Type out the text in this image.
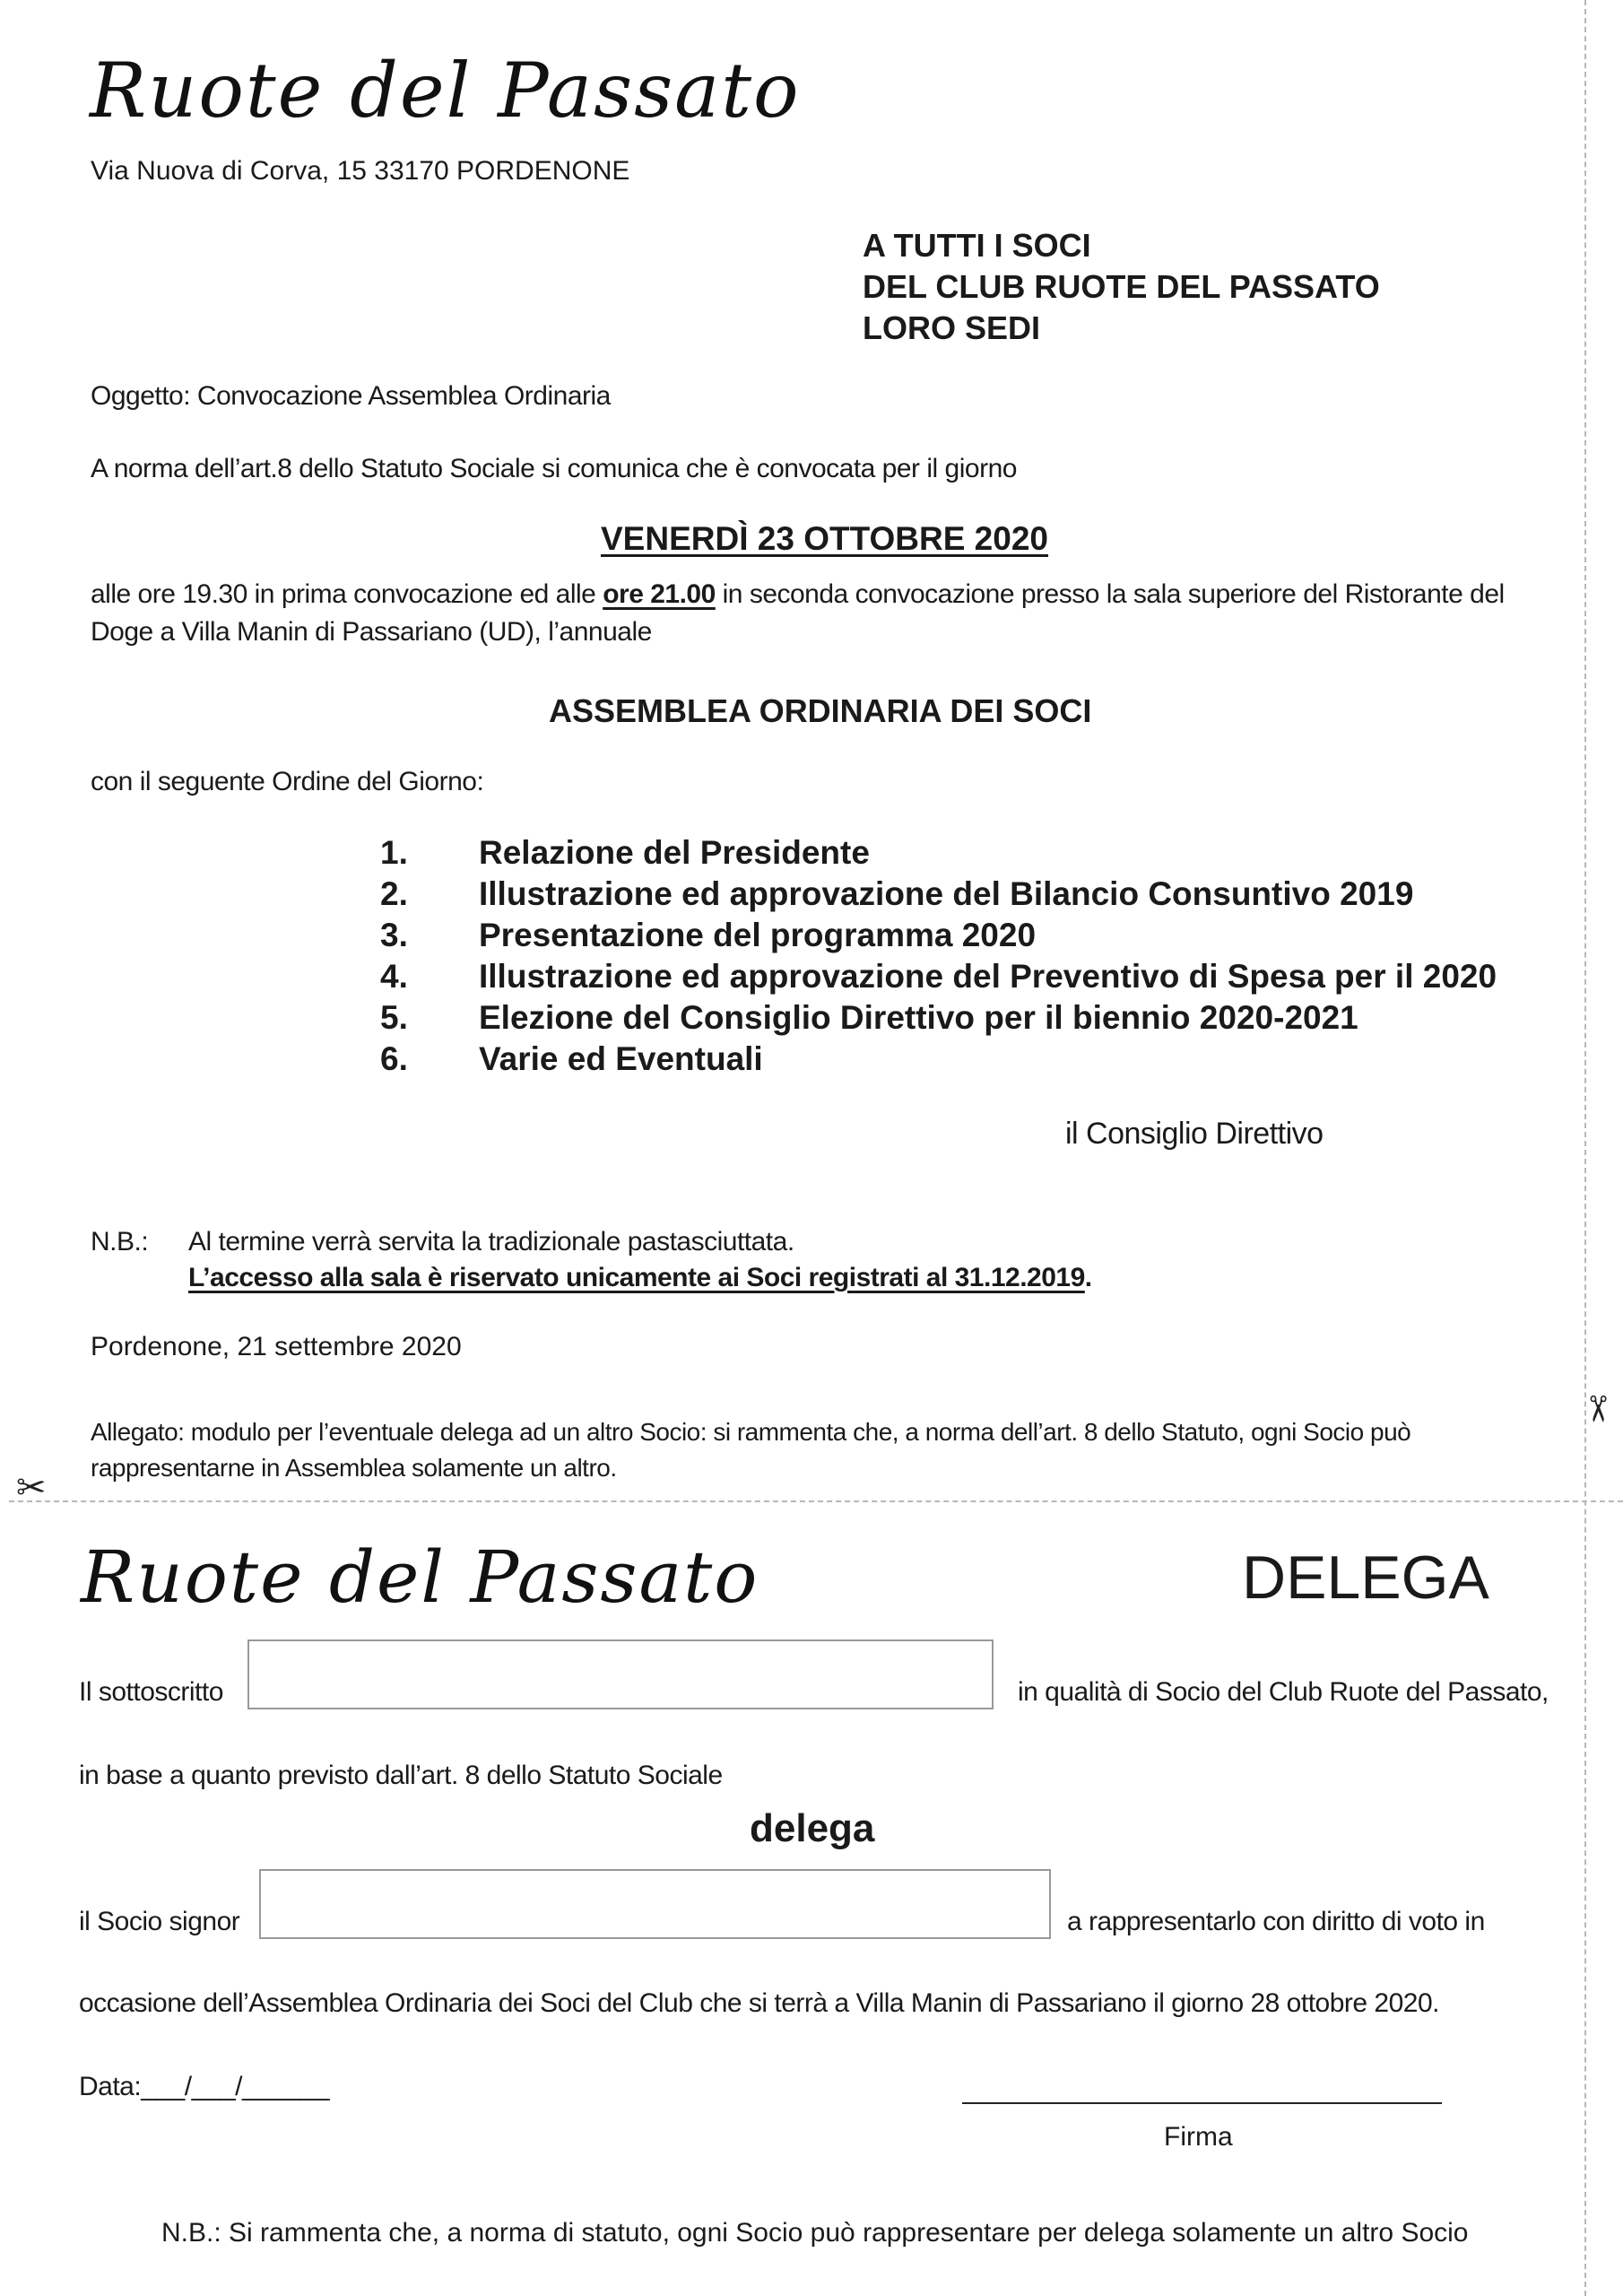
✂
✂
Ruote del Passato
Via Nuova di Corva, 15 33170 PORDENONE
A TUTTI I SOCI
DEL CLUB RUOTE DEL PASSATO
LORO SEDI
Oggetto: Convocazione Assemblea Ordinaria
A norma dell’art.8 dello Statuto Sociale si comunica che è convocata per il giorno
VENERDÌ 23 OTTOBRE 2020
alle ore 19.30 in prima convocazione ed alle ore 21.00 in seconda convocazione presso la sala superiore del Ristorante del
Doge a Villa Manin di Passariano (UD), l’annuale
ASSEMBLEA ORDINARIA DEI SOCI
con il seguente Ordine del Giorno:
1. Relazione del Presidente
2. Illustrazione ed approvazione del Bilancio Consuntivo 2019
3. Presentazione del programma 2020
4. Illustrazione ed approvazione del Preventivo di Spesa per il 2020
5. Elezione del Consiglio Direttivo per il biennio 2020-2021
6. Varie ed Eventuali
il Consiglio Direttivo
N.B.: Al termine verrà servita la tradizionale pastasciuttata.
L’accesso alla sala è riservato unicamente ai Soci registrati al 31.12.2019.
Pordenone, 21 settembre 2020
Allegato: modulo per l’eventuale delega ad un altro Socio: si rammenta che, a norma dell’art. 8 dello Statuto, ogni Socio può
rappresentarne in Assemblea solamente un altro.
Ruote del Passato	DELEGA
Il sottoscritto	in qualità di Socio del Club Ruote del Passato,
in base a quanto previsto dall’art. 8 dello Statuto Sociale
delega
il Socio signor	a rappresentarlo con diritto di voto in
occasione dell’Assemblea Ordinaria dei Soci del Club che si terrà a Villa Manin di Passariano il giorno 28 ottobre 2020.
Data:___/___/______
Firma
N.B.: Si rammenta che, a norma di statuto, ogni Socio può rappresentare per delega solamente un altro Socio
